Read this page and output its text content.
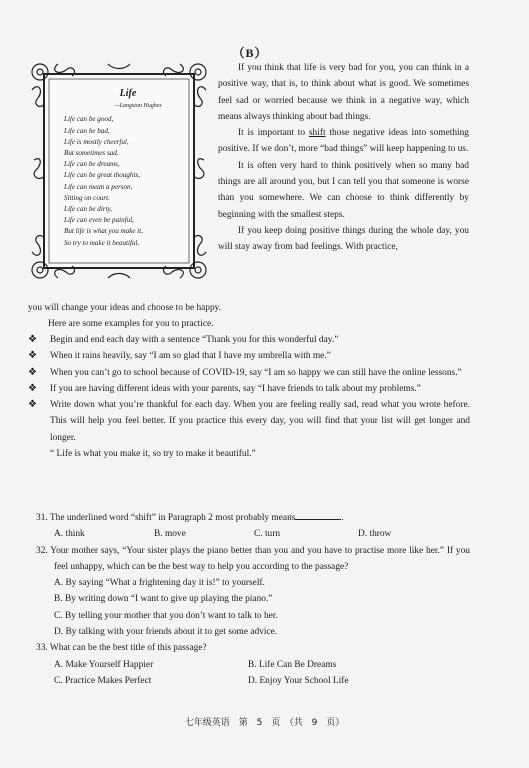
（B）
Life
—Langston Hughes
Life can be good,
Life can be bad,
Life is mostly cheerful,
But sometimes sad.
Life can be dreams,
Life can be great thoughts,
Life can mean a person,
Sitting on court.
Life can be dirty,
Life can even be painful,
But life is what you make it,
So try to make it beautiful.

If you think that life is very bad for you, you can think in a positive way, that is, to think about what is good. We sometimes feel sad or worried because we think in a negative way, which means always thinking about bad things.

It is important to shift those negative ideas into something positive. If we don’t, more “bad things” will keep happening to us.

It is often very hard to think positively when so many bad things are all around you, but I can tell you that someone is worse than you somewhere. We can choose to think differently by beginning with the smallest steps.

If you keep doing positive things during the whole day, you will stay away from bad feelings. With practice,

you will change your ideas and choose to be happy.
Here are some examples for you to practice.
❖ Begin and end each day with a sentence “Thank you for this wonderful day.”
❖ When it rains heavily, say “I am so glad that I have my umbrella with me.”
❖ When you can’t go to school because of COVID-19, say “I am so happy we can still have the online lessons.”
❖ If you are having different ideas with your parents, say “I have friends to talk about my problems.”
❖ Write down what you’re thankful for each day. When you are feeling really sad, read what you wrote before. This will help you feel better. If you practice this every day, you will find that your list will get longer and longer.
“ Life is what you make it, so try to make it beautiful.”
31. The underlined word “shift” in Paragraph 2 most probably means	.
A. think	B. move	C. turn	D. throw
32. Your mother says, “Your sister plays the piano better than you and you have to practise more like her.” If you feel unhappy, which can be the best way to help you according to the passage?
A. By saying “What a frightening day it is!” to yourself.
B. By writing down “I want to give up playing the piano.”
C. By telling your mother that you don’t want to talk to her.
D. By talking with your friends about it to get some advice.
33. What can be the best title of this passage?
A. Make Yourself Happier	B. Life Can Be Dreams
C. Practice Makes Perfect	D. Enjoy Your School Life
七年级英语　第 5 页　（共 9 页）
